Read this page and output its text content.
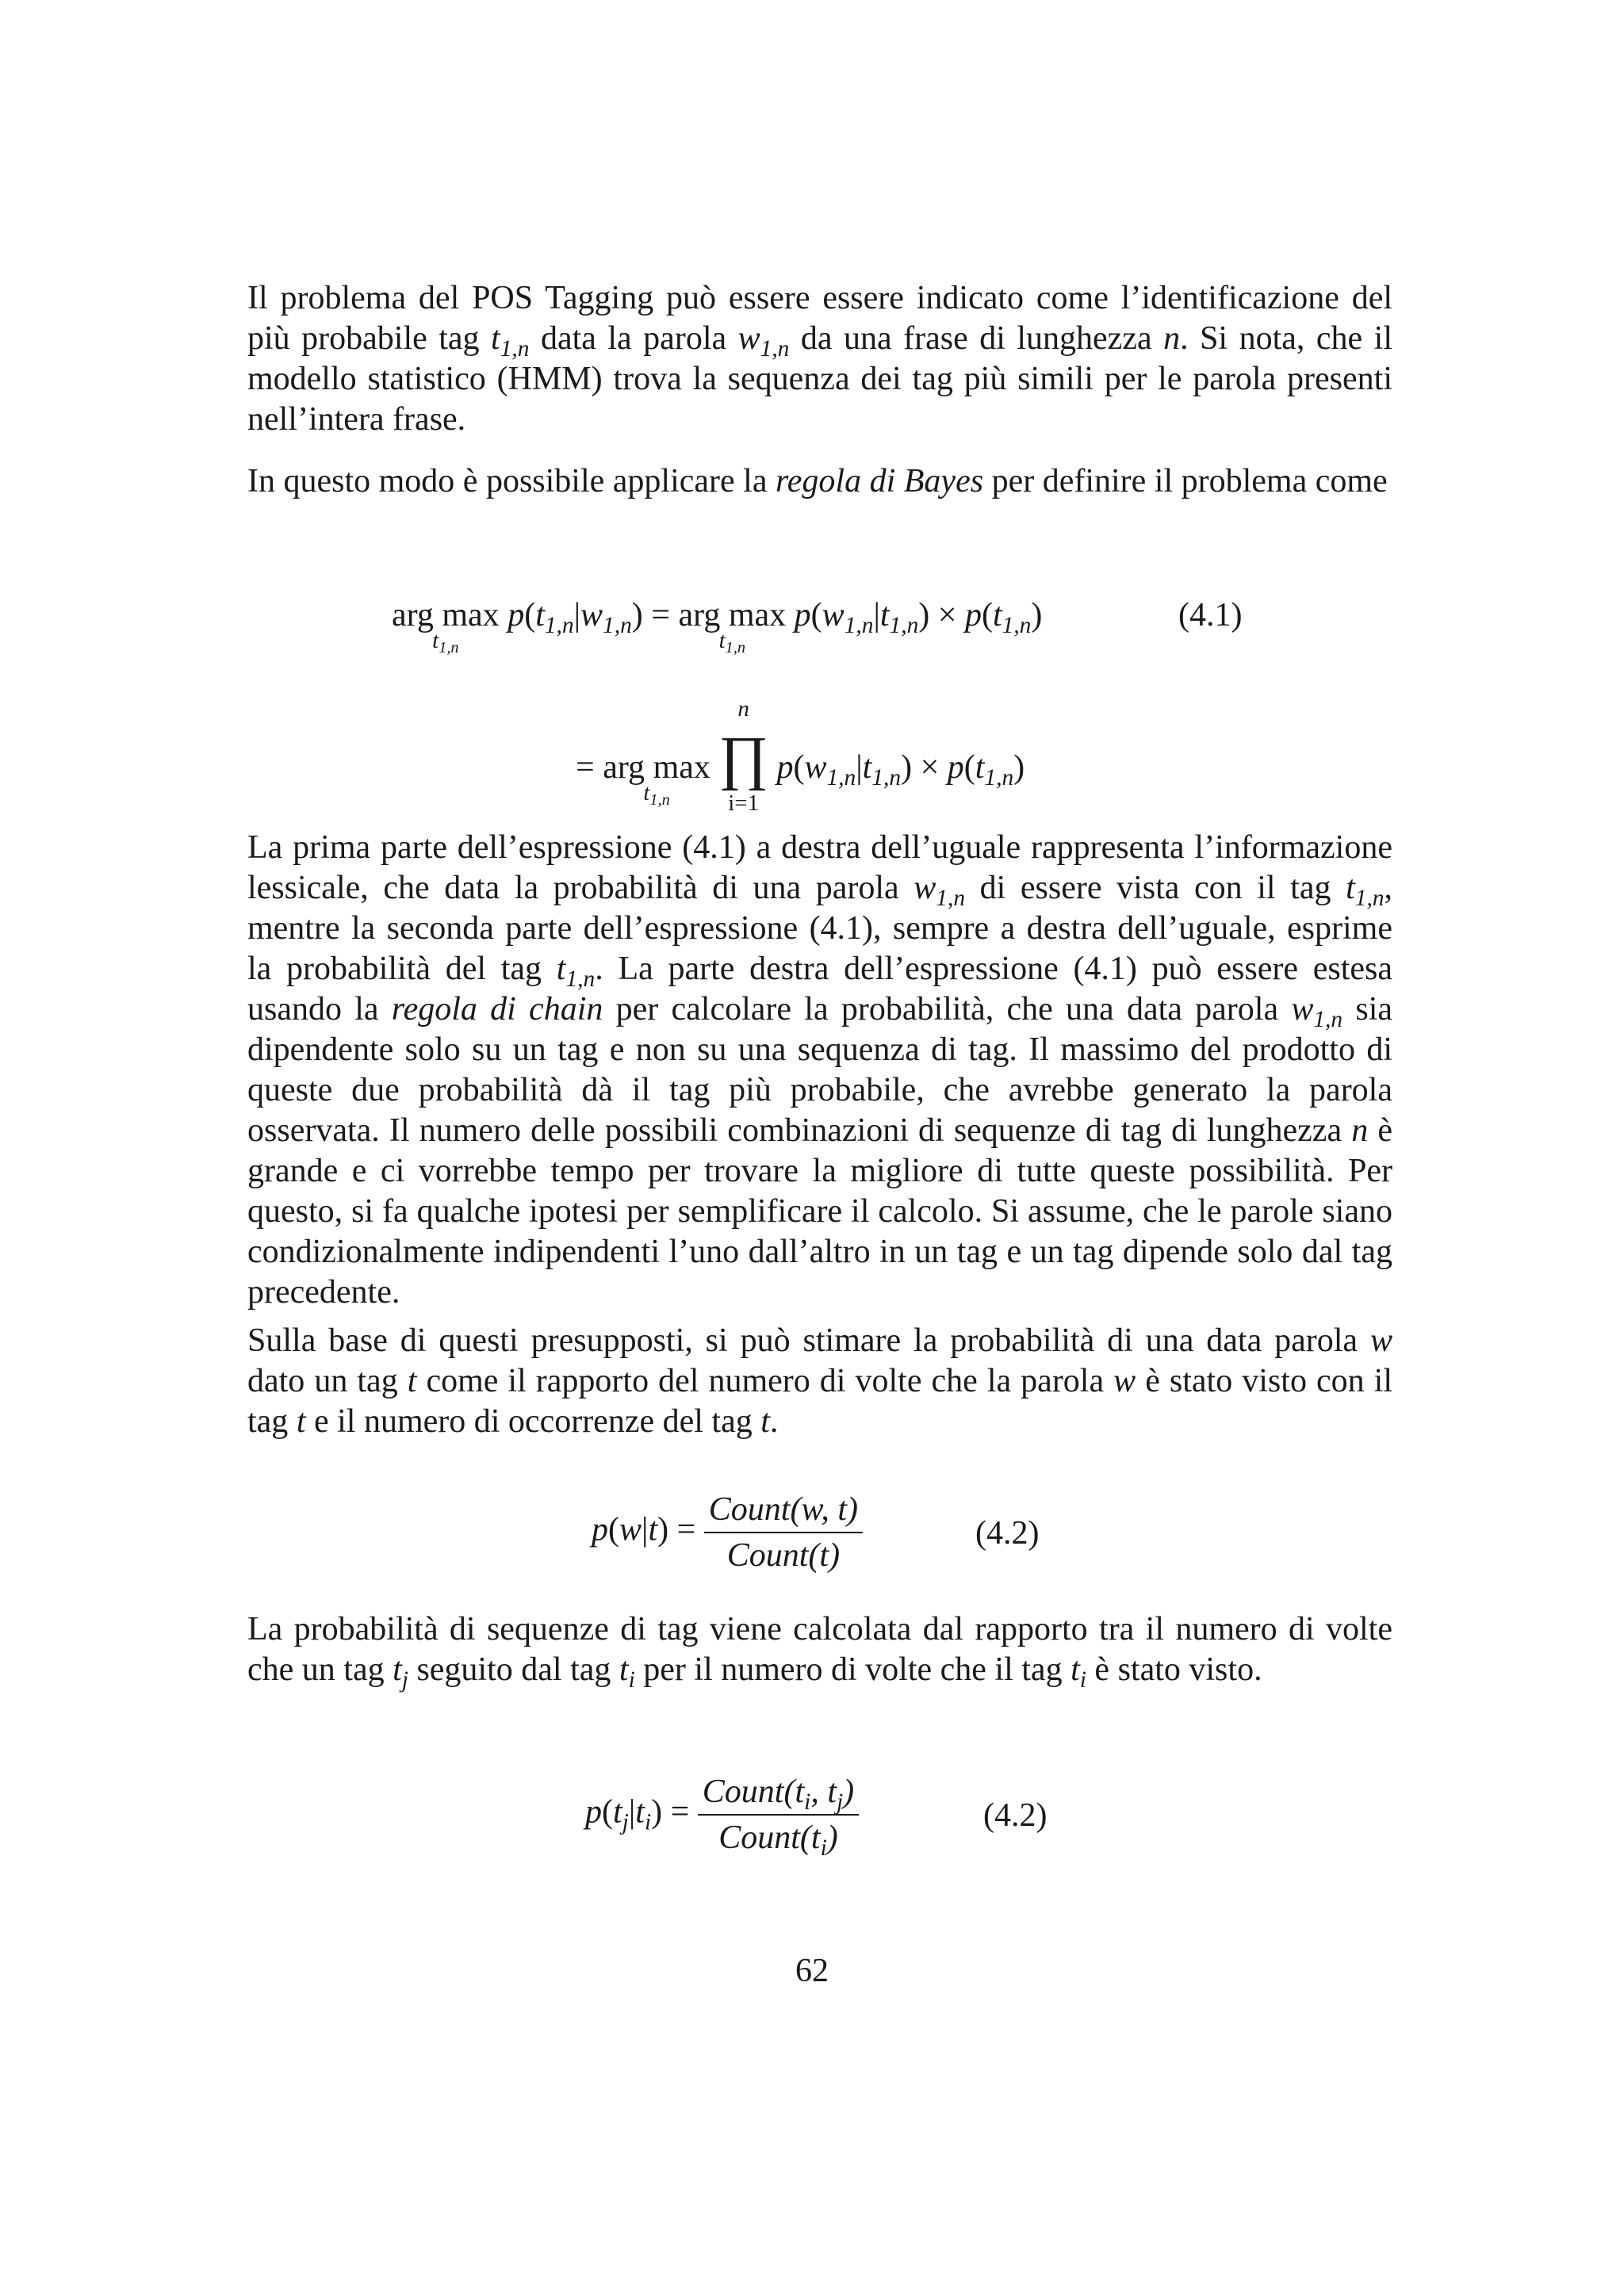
Il problema del POS Tagging può essere essere indicato come l’identificazione del più probabile tag $t_{1,n}$ data la parola $w_{1,n}$ da una frase di lunghezza n. Si nota, che il modello statistico (HMM) trova la sequenza dei tag più simili per le parola presenti nell’intera frase.

In questo modo è possibile applicare la regola di Bayes per definire il problema come

arg max
$t_{1,n}$
$p(t_{1,n}|w_{1,n})$ = arg max
$t_{1,n}$
$p(w_{1,n}|t_{1,n}) \times p(t_{1,n})$	(4.1)
= arg max
$t_{1,n}$

n
∏
i=1
$p(w_{1,n}|t_{1,n}) \times p(t_{1,n})$

La prima parte dell’espressione (4.1) a destra dell’uguale rappresenta l’informazione lessicale, che data la probabilità di una parola $w_{1,n}$ di essere vista con il tag $t_{1,n}$, mentre la seconda parte dell’espressione (4.1), sempre a destra dell’uguale, esprime la probabilità del tag $t_{1,n}$. La parte destra dell’espressione (4.1) può essere estesa usando la regola di chain per calcolare la probabilità, che una data parola $w_{1,n}$ sia dipendente solo su un tag e non su una sequenza di tag. Il massimo del prodotto di queste due probabilità dà il tag più probabile, che avrebbe generato la parola osservata. Il numero delle possibili combinazioni di sequenze di tag di lunghezza n è grande e ci vorrebbe tempo per trovare la migliore di tutte queste possibilità. Per questo, si fa qualche ipotesi per semplificare il calcolo. Si assume, che le parole siano condizionalmente indipendenti l’uno dall’altro in un tag e un tag dipende solo dal tag precedente.

Sulla base di questi presupposti, si può stimare la probabilità di una data parola w dato un tag t come il rapporto del numero di volte che la parola w è stato visto con il tag t e il numero di occorrenze del tag t.

$p(w|t) = \frac{\text{Count(w, t)}}{\text{Count(t)}}$	(4.2)

La probabilità di sequenze di tag viene calcolata dal rapporto tra il numero di volte che un tag $t_j$ seguito dal tag $t_i$ per il numero di volte che il tag $t_i$ è stato visto.

$p(t_j|t_i) = \frac{Count(t_i, t_j)}{Count(t_i)}$	(4.2)
62
